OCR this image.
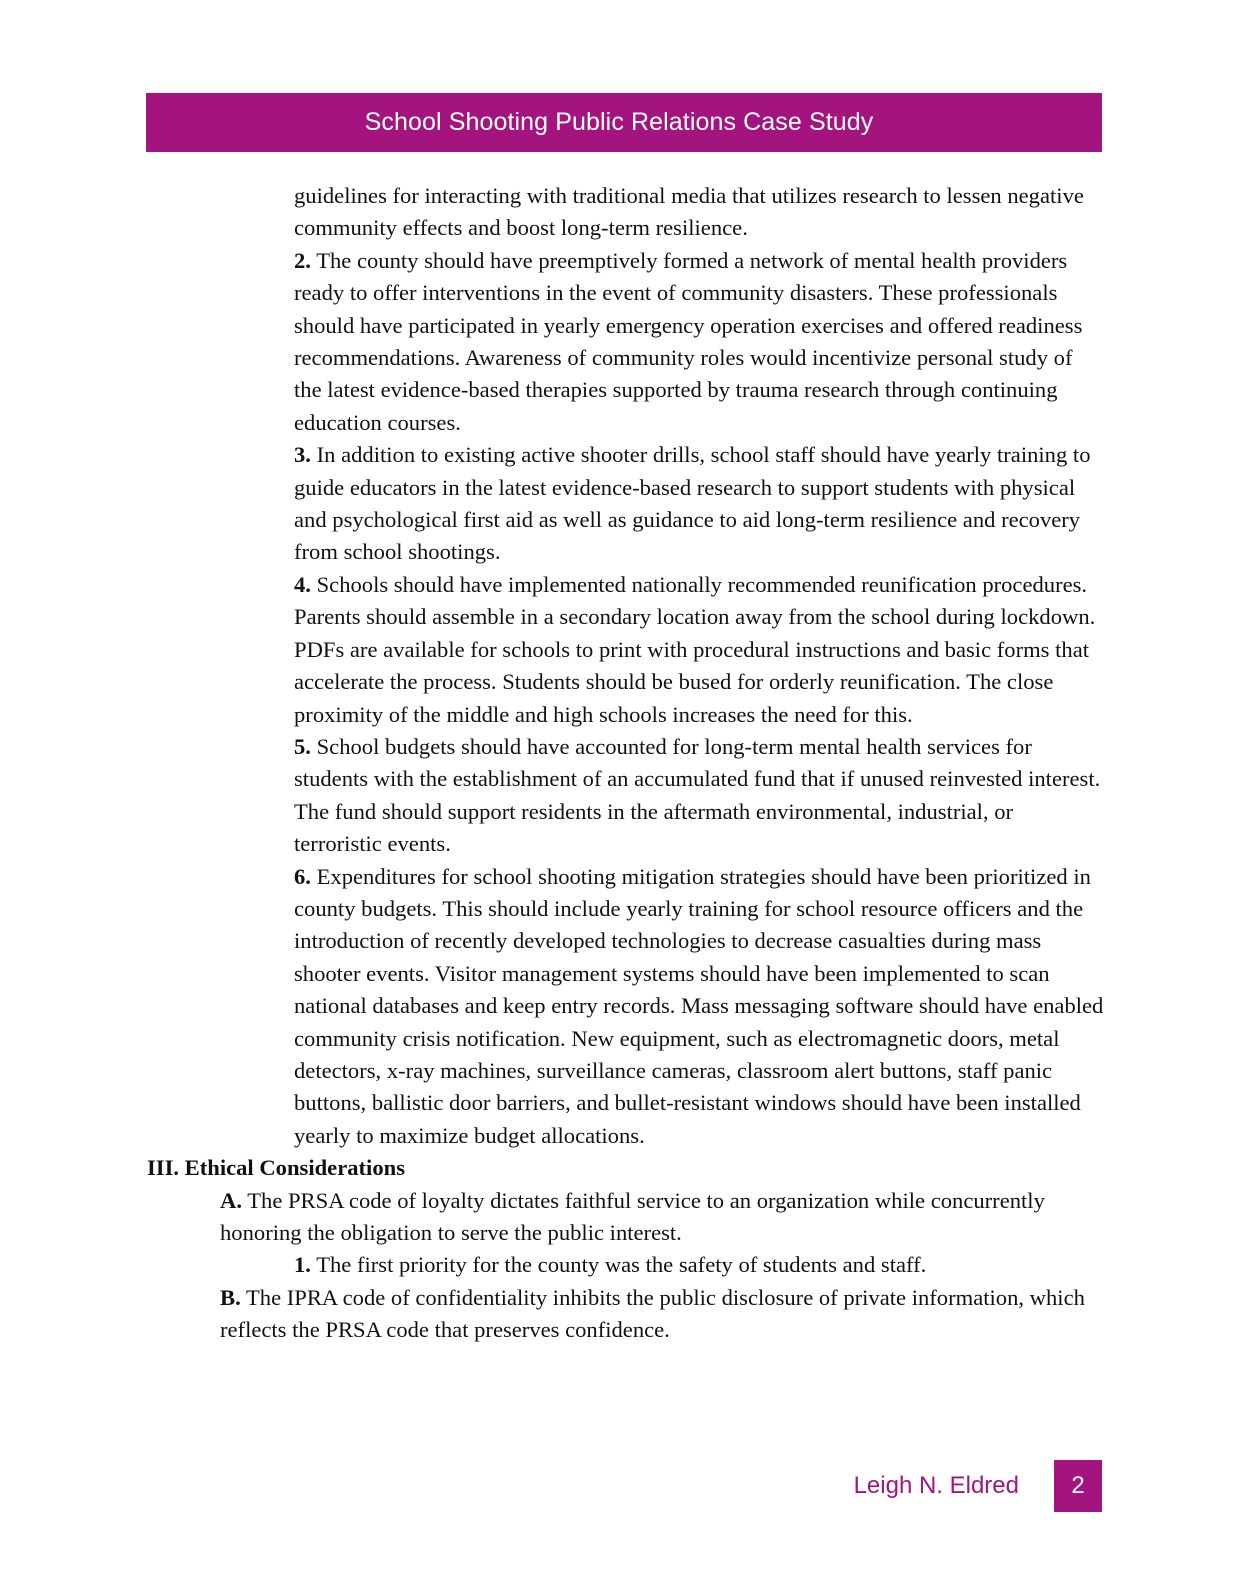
School Shooting Public Relations Case Study

guidelines for interacting with traditional media that utilizes research to lessen negative community effects and boost long-term resilience.

2. The county should have preemptively formed a network of mental health providers ready to offer interventions in the event of community disasters. These professionals should have participated in yearly emergency operation exercises and offered readiness recommendations. Awareness of community roles would incentivize personal study of the latest evidence-based therapies supported by trauma research through continuing education courses.

3. In addition to existing active shooter drills, school staff should have yearly training to guide educators in the latest evidence-based research to support students with physical and psychological first aid as well as guidance to aid long-term resilience and recovery from school shootings.

4. Schools should have implemented nationally recommended reunification procedures. Parents should assemble in a secondary location away from the school during lockdown. PDFs are available for schools to print with procedural instructions and basic forms that accelerate the process. Students should be bused for orderly reunification. The close proximity of the middle and high schools increases the need for this.

5. School budgets should have accounted for long-term mental health services for students with the establishment of an accumulated fund that if unused reinvested interest. The fund should support residents in the aftermath environmental, industrial, or terroristic events.

6. Expenditures for school shooting mitigation strategies should have been prioritized in county budgets. This should include yearly training for school resource officers and the introduction of recently developed technologies to decrease casualties during mass shooter events. Visitor management systems should have been implemented to scan national databases and keep entry records. Mass messaging software should have enabled community crisis notification. New equipment, such as electromagnetic doors, metal detectors, x-ray machines, surveillance cameras, classroom alert buttons, staff panic buttons, ballistic door barriers, and bullet-resistant windows should have been installed yearly to maximize budget allocations.

III. Ethical Considerations

A. The PRSA code of loyalty dictates faithful service to an organization while concurrently honoring the obligation to serve the public interest.

1. The first priority for the county was the safety of students and staff.

B. The IPRA code of confidentiality inhibits the public disclosure of private information, which reflects the PRSA code that preserves confidence.

Leigh N. Eldred	2
